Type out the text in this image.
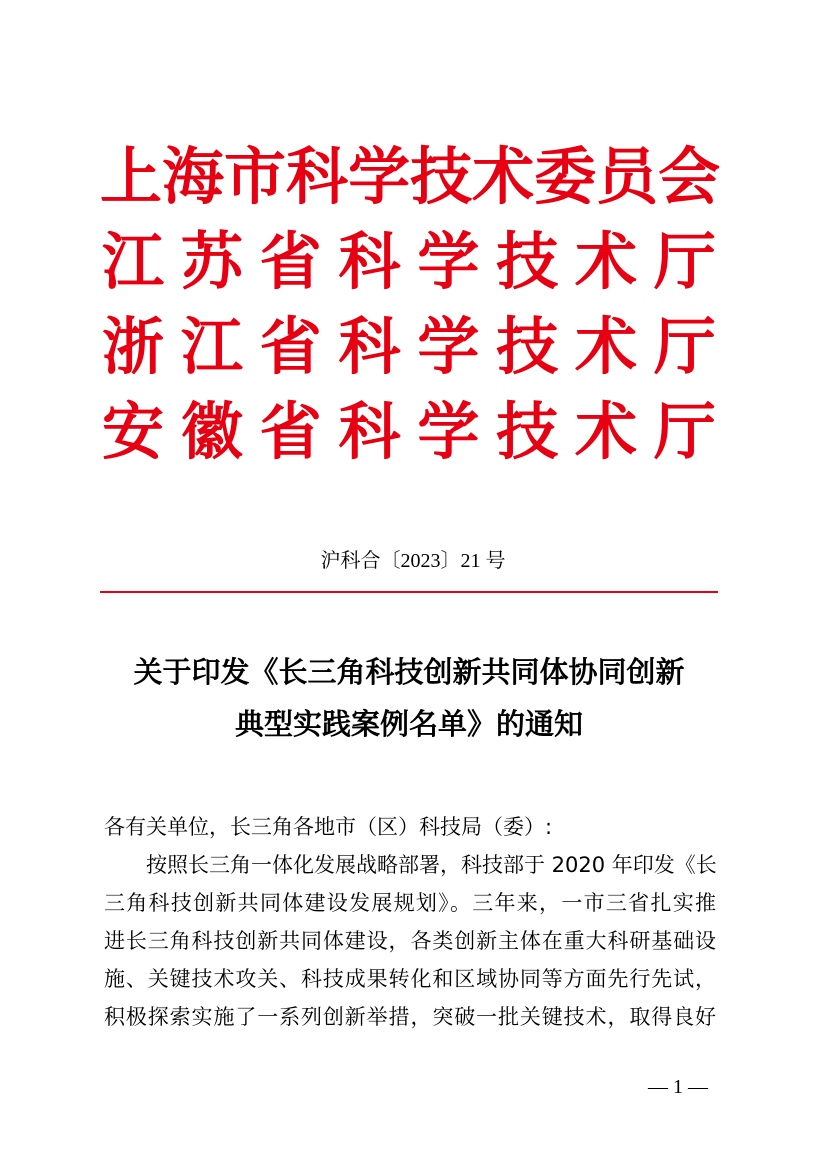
上 海 市 科 学 技 术 委 员 会
江 苏 省 科 学 技 术 厅
浙 江 省 科 学 技 术 厅
安 徽 省 科 学 技 术 厅
沪科合〔2023〕21 号
关于印发《长三角科技创新共同体协同创新
典型实践案例名单》的通知

各有关单位，长三角各地市（区）科技局（委）:

按照长三角一体化发展战略部署，科技部于 2020 年印发《长
三角科技创新共同体建设发展规划》。三年来，一市三省扎实推
进长三角科技创新共同体建设，各类创新主体在重大科研基础设
施、关键技术攻关、科技成果转化和区域协同等方面先行先试，
积极探索实施了一系列创新举措，突破一批关键技术，取得良好

— 1 —
